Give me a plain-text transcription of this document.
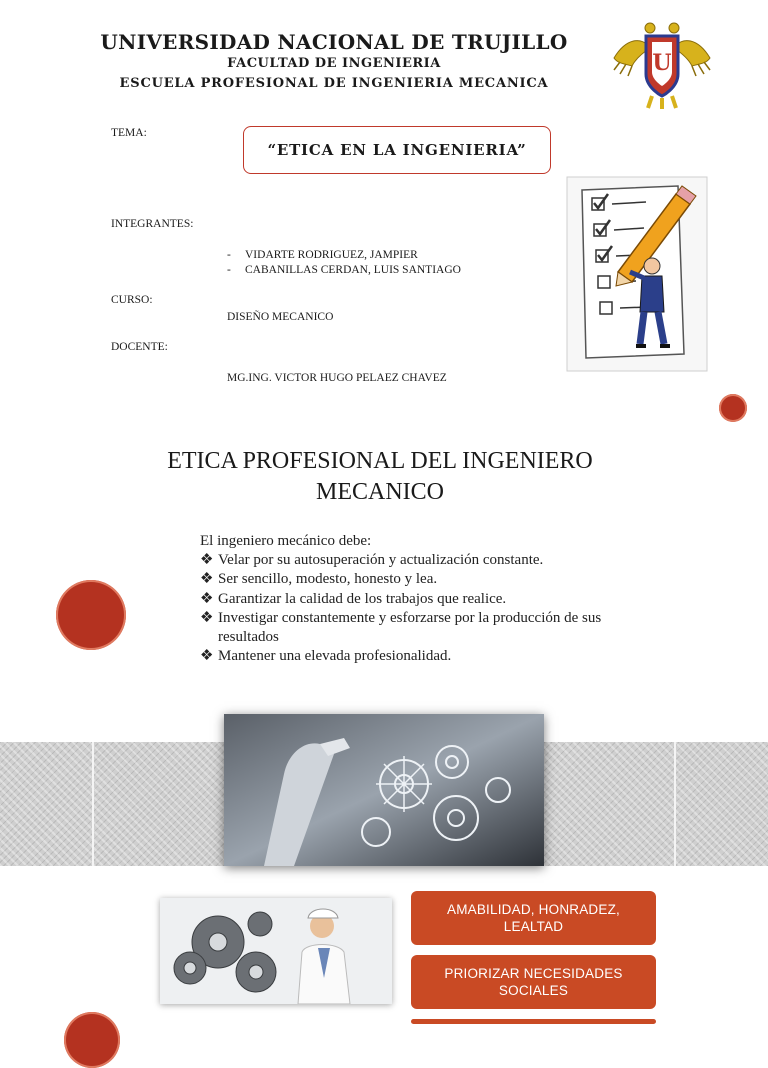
UNIVERSIDAD NACIONAL DE TRUJILLO
FACULTAD DE INGENIERIA
ESCUELA PROFESIONAL DE INGENIERIA MECANICA
U
TEMA:
“ETICA EN LA INGENIERIA”
INTEGRANTES:
- VIDARTE RODRIGUEZ, JAMPIER
- CABANILLAS CERDAN, LUIS SANTIAGO
CURSO:
DISEÑO MECANICO
DOCENTE:
MG.ING. VICTOR HUGO PELAEZ CHAVEZ
ETICA PROFESIONAL DEL INGENIERO
MECANICO
El ingeniero mecánico debe:
❖ Velar por su autosuperación y actualización constante.
❖ Ser sencillo, modesto, honesto y lea.
❖ Garantizar la calidad de los trabajos que realice.
❖ Investigar constantemente y esforzarse por la producción de sus resultados
❖ Mantener una elevada profesionalidad.
AMABILIDAD, HONRADEZ, LEALTAD
PRIORIZAR NECESIDADES SOCIALES
